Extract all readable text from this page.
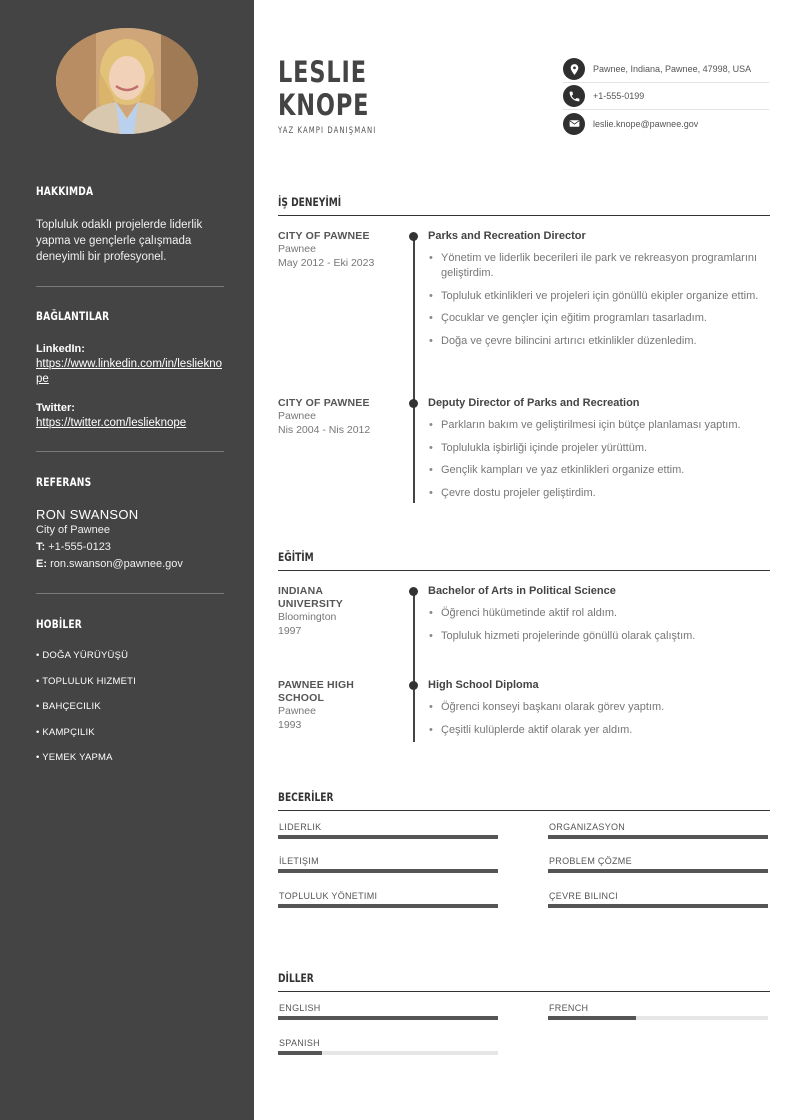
HAKKIMDA
Topluluk odaklı projelerde liderlik yapma ve gençlerle çalışmada deneyimli bir profesyonel.
BAĞLANTILAR
LinkedIn:
https://www.linkedin.com/in/leslieknope
Twitter:
https://twitter.com/leslieknope
REFERANS
RON SWANSON
City of Pawnee
T: +1-555-0123
E: ron.swanson@pawnee.gov
HOBİLER
• DOĞA YÜRÜYÜŞÜ
• TOPLULUK HIZMETI
• BAHÇECILIK
• KAMPÇILIK
• YEMEK YAPMA
LESLIE
KNOPE
YAZ KAMPI DANIŞMANI
Pawnee, Indiana, Pawnee, 47998, USA
+1-555-0199
leslie.knope@pawnee.gov
İŞ DENEYİMİ
CITY OF PAWNEE
Pawnee
May 2012 - Eki 2023
Parks and Recreation Director
• Yönetim ve liderlik becerileri ile park ve rekreasyon programlarını geliştirdim.
• Topluluk etkinlikleri ve projeleri için gönüllü ekipler organize ettim.
• Çocuklar ve gençler için eğitim programları tasarladım.
• Doğa ve çevre bilincini artırıcı etkinlikler düzenledim.
CITY OF PAWNEE
Pawnee
Nis 2004 - Nis 2012
Deputy Director of Parks and Recreation
• Parkların bakım ve geliştirilmesi için bütçe planlaması yaptım.
• Toplulukla işbirliği içinde projeler yürüttüm.
• Gençlik kampları ve yaz etkinlikleri organize ettim.
• Çevre dostu projeler geliştirdim.
EĞİTİM
INDIANA UNIVERSITY
Bloomington
1997
Bachelor of Arts in Political Science
• Öğrenci hükümetinde aktif rol aldım.
• Topluluk hizmeti projelerinde gönüllü olarak çalıştım.
PAWNEE HIGH SCHOOL
Pawnee
1993
High School Diploma
• Öğrenci konseyi başkanı olarak görev yaptım.
• Çeşitli kulüplerde aktif olarak yer aldım.
BECERİLER
LIDERLIK	ORGANIZASYON
İLETIŞIM	PROBLEM ÇÖZME
TOPLULUK YÖNETIMI	ÇEVRE BILINCI
DİLLER
ENGLISH	FRENCH
SPANISH
